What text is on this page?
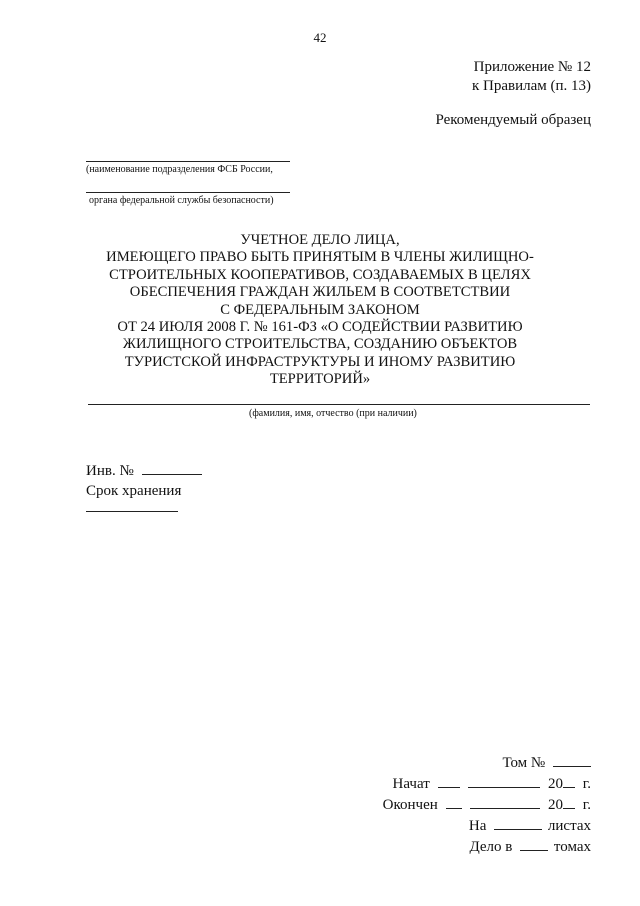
42
Приложение № 12
к Правилам (п. 13)
Рекомендуемый образец
(наименование подразделения ФСБ России,
органа федеральной службы безопасности)
УЧЕТНОЕ ДЕЛО ЛИЦА,
ИМЕЮЩЕГО ПРАВО БЫТЬ ПРИНЯТЫМ В ЧЛЕНЫ ЖИЛИЩНО-
СТРОИТЕЛЬНЫХ КООПЕРАТИВОВ, СОЗДАВАЕМЫХ В ЦЕЛЯХ
ОБЕСПЕЧЕНИЯ ГРАЖДАН ЖИЛЬЕМ В СООТВЕТСТВИИ
С ФЕДЕРАЛЬНЫМ ЗАКОНОМ
ОТ 24 ИЮЛЯ 2008 Г. № 161-ФЗ «О СОДЕЙСТВИИ РАЗВИТИЮ
ЖИЛИЩНОГО СТРОИТЕЛЬСТВА, СОЗДАНИЮ ОБЪЕКТОВ
ТУРИСТСКОЙ ИНФРАСТРУКТУРЫ И ИНОМУ РАЗВИТИЮ
ТЕРРИТОРИЙ»
(фамилия, имя, отчество (при наличии)
Инв. №
Срок хранения
Том №
Начат	20 г.
Окончен	20 г.
На	листах
Дело в	томах
